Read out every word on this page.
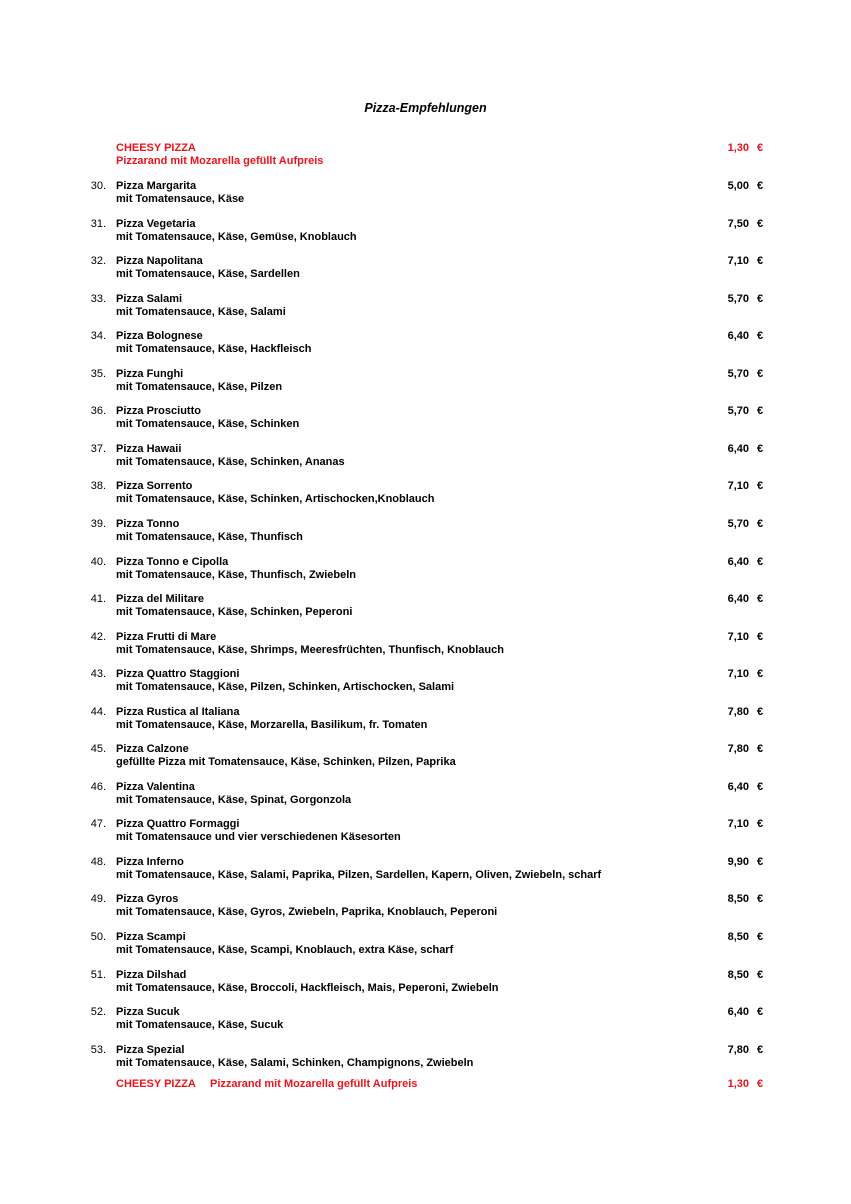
Pizza-Empfehlungen
CHEESY PIZZA
Pizzarand mit Mozarella gefüllt Aufpreis
1,30 €
30. Pizza Margarita
mit Tomatensauce, Käse
5,00 €
31. Pizza Vegetaria
mit Tomatensauce, Käse, Gemüse, Knoblauch
7,50 €
32. Pizza Napolitana
mit Tomatensauce, Käse, Sardellen
7,10 €
33. Pizza Salami
mit Tomatensauce, Käse, Salami
5,70 €
34. Pizza Bolognese
mit Tomatensauce, Käse, Hackfleisch
6,40 €
35. Pizza Funghi
mit Tomatensauce, Käse, Pilzen
5,70 €
36. Pizza Prosciutto
mit Tomatensauce, Käse, Schinken
5,70 €
37. Pizza Hawaii
mit Tomatensauce, Käse, Schinken, Ananas
6,40 €
38. Pizza Sorrento
mit Tomatensauce, Käse, Schinken, Artischocken,Knoblauch
7,10 €
39. Pizza Tonno
mit Tomatensauce, Käse, Thunfisch
5,70 €
40. Pizza Tonno e Cipolla
mit Tomatensauce, Käse, Thunfisch, Zwiebeln
6,40 €
41. Pizza del Militare
mit Tomatensauce, Käse, Schinken, Peperoni
6,40 €
42. Pizza Frutti di Mare
mit Tomatensauce, Käse, Shrimps, Meeresfrüchten, Thunfisch, Knoblauch
7,10 €
43. Pizza Quattro Staggioni
mit Tomatensauce, Käse, Pilzen, Schinken, Artischocken, Salami
7,10 €
44. Pizza Rustica al Italiana
mit Tomatensauce, Käse, Morzarella, Basilikum, fr. Tomaten
7,80 €
45. Pizza Calzone
gefüllte Pizza mit Tomatensauce, Käse, Schinken, Pilzen, Paprika
7,80 €
46. Pizza Valentina
mit Tomatensauce, Käse, Spinat, Gorgonzola
6,40 €
47. Pizza Quattro Formaggi
mit Tomatensauce und vier verschiedenen Käsesorten
7,10 €
48. Pizza Inferno
mit Tomatensauce, Käse, Salami, Paprika, Pilzen, Sardellen, Kapern, Oliven, Zwiebeln, scharf
9,90 €
49. Pizza Gyros
mit Tomatensauce, Käse, Gyros, Zwiebeln, Paprika, Knoblauch, Peperoni
8,50 €
50. Pizza Scampi
mit Tomatensauce, Käse, Scampi, Knoblauch, extra Käse, scharf
8,50 €
51. Pizza Dilshad
mit Tomatensauce, Käse, Broccoli, Hackfleisch, Mais, Peperoni, Zwiebeln
8,50 €
52. Pizza Sucuk
mit Tomatensauce, Käse, Sucuk
6,40 €
53. Pizza Spezial
mit Tomatensauce, Käse, Salami, Schinken, Champignons, Zwiebeln
7,80 €
CHEESY PIZZA Pizzarand mit Mozarella gefüllt Aufpreis	1,30 €
